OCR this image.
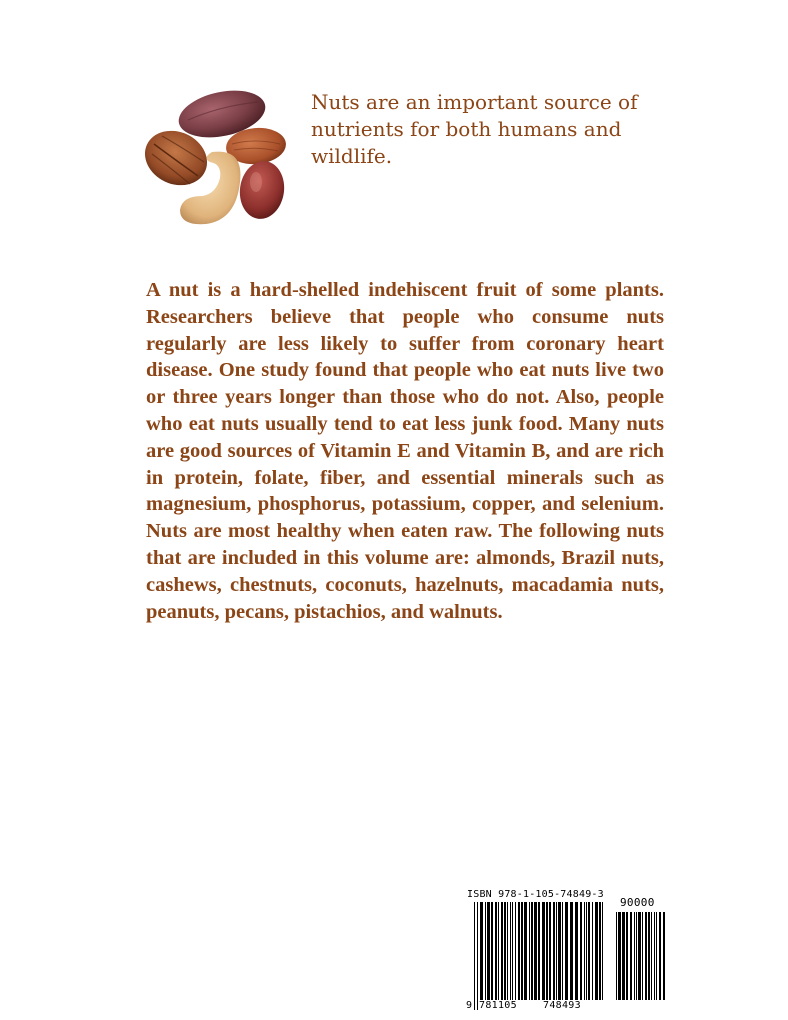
Nuts are an important source of nutrients for both humans and wildlife.

A nut is a hard-shelled indehiscent fruit of some plants. Researchers believe that people who consume nuts regularly are less likely to suffer from coronary heart disease. One study found that people who eat nuts live two or three years longer than those who do not. Also, people who eat nuts usually tend to eat less junk food. Many nuts are good sources of Vitamin E and Vitamin B, and are rich in protein, folate, fiber, and essential minerals such as magnesium, phosphorus, potassium, copper, and selenium. Nuts are most healthy when eaten raw. The following nuts that are included in this volume are: almonds, Brazil nuts, cashews, chestnuts, coconuts, hazelnuts, macadamia nuts, peanuts, pecans, pistachios, and walnuts.

ISBN 978-1-105-74849-3
90000
9 781105	748493
